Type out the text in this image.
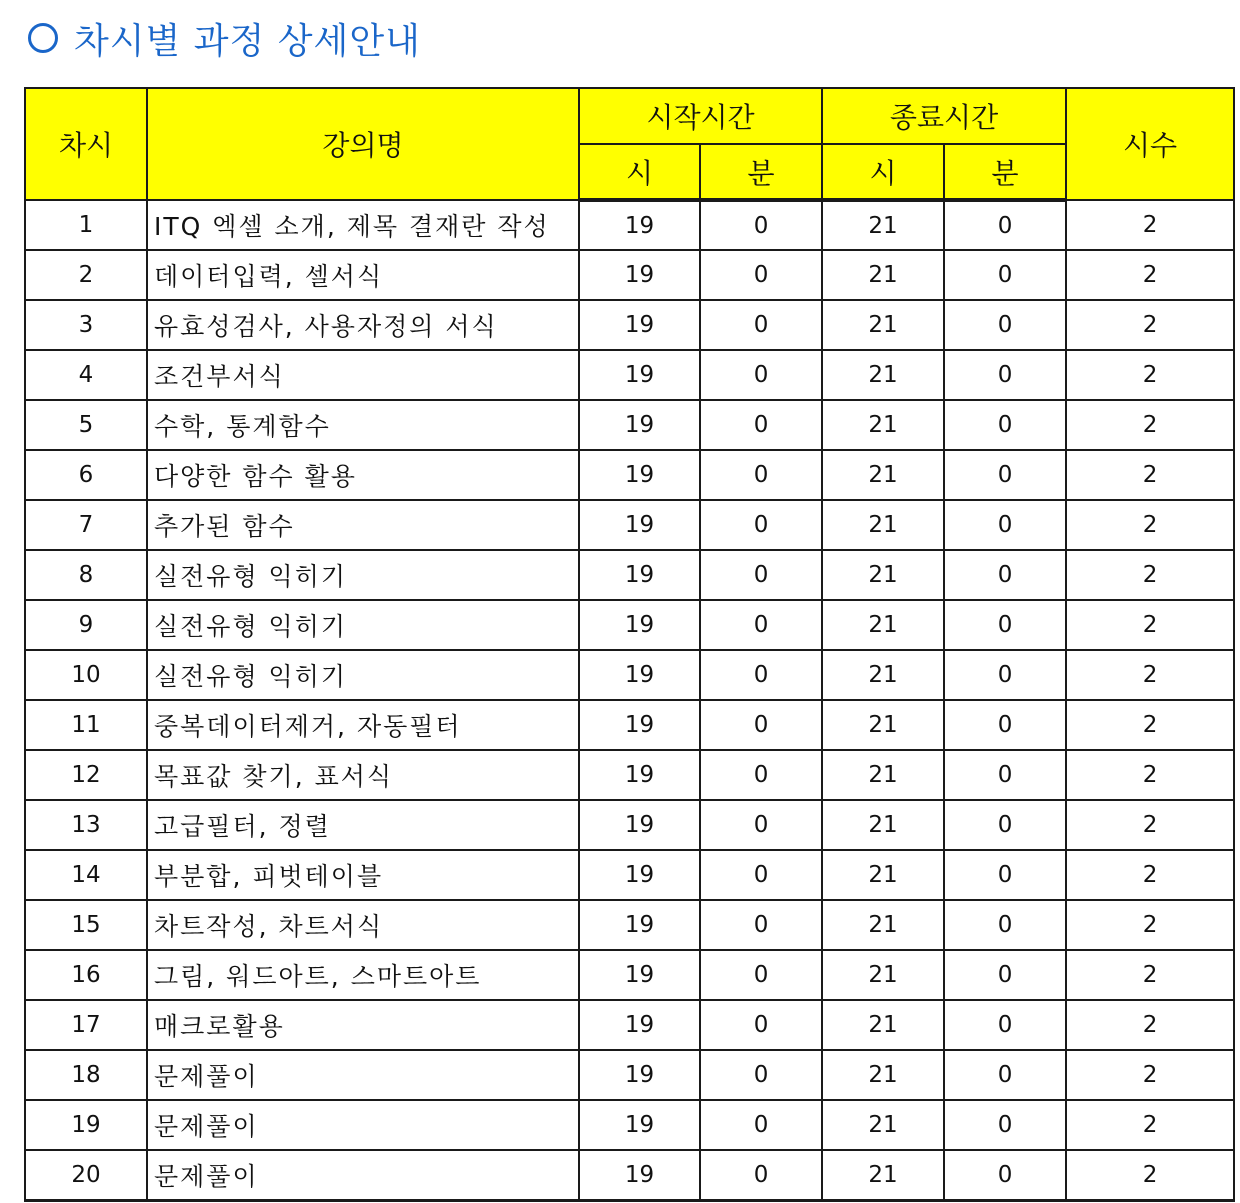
차시별 과정 상세안내
차시	강의명	시작시간		종료시간		시수
		시	분	시	분	
1	ITQ 엑셀 소개, 제목 결재란 작성	19	0	21	0	2
2	데이터입력, 셀서식	19	0	21	0	2
3	유효성검사, 사용자정의 서식	19	0	21	0	2
4	조건부서식	19	0	21	0	2
5	수학, 통계함수	19	0	21	0	2
6	다양한 함수 활용	19	0	21	0	2
7	추가된 함수	19	0	21	0	2
8	실전유형 익히기	19	0	21	0	2
9	실전유형 익히기	19	0	21	0	2
10	실전유형 익히기	19	0	21	0	2
11	중복데이터제거, 자동필터	19	0	21	0	2
12	목표값 찾기, 표서식	19	0	21	0	2
13	고급필터, 정렬	19	0	21	0	2
14	부분합, 피벗테이블	19	0	21	0	2
15	차트작성, 차트서식	19	0	21	0	2
16	그림, 워드아트, 스마트아트	19	0	21	0	2
17	매크로활용	19	0	21	0	2
18	문제풀이	19	0	21	0	2
19	문제풀이	19	0	21	0	2
20	문제풀이	19	0	21	0	2
